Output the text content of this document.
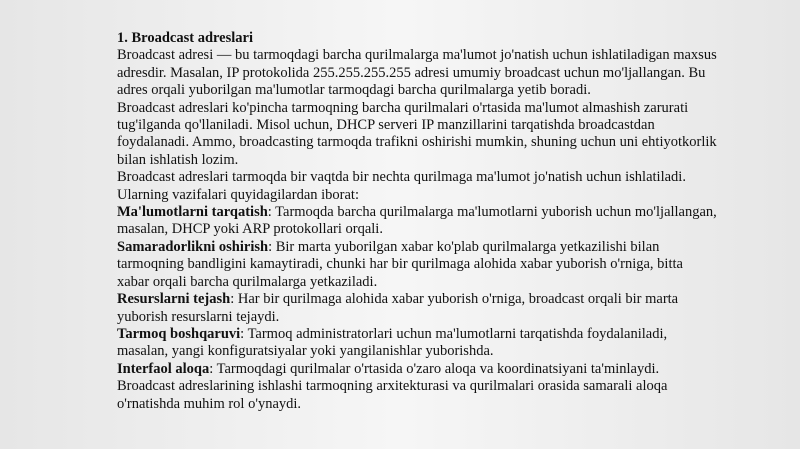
1. Broadcast adreslari

Broadcast adresi — bu tarmoqdagi barcha qurilmalarga ma'lumot jo'natish uchun ishlatiladigan maxsus adresdir. Masalan, IP protokolida 255.255.255.255 adresi umumiy broadcast uchun mo'ljallangan. Bu adres orqali yuborilgan ma'lumotlar tarmoqdagi barcha qurilmalarga yetib boradi.

Broadcast adreslari ko'pincha tarmoqning barcha qurilmalari o'rtasida ma'lumot almashish zarurati tug'ilganda qo'llaniladi. Misol uchun, DHCP serveri IP manzillarini tarqatishda broadcastdan foydalanadi. Ammo, broadcasting tarmoqda trafikni oshirishi mumkin, shuning uchun uni ehtiyotkorlik bilan ishlatish lozim.

Broadcast adreslari tarmoqda bir vaqtda bir nechta qurilmaga ma'lumot jo'natish uchun ishlatiladi. Ularning vazifalari quyidagilardan iborat:

Ma'lumotlarni tarqatish: Tarmoqda barcha qurilmalarga ma'lumotlarni yuborish uchun mo'ljallangan, masalan, DHCP yoki ARP protokollari orqali.

Samaradorlikni oshirish: Bir marta yuborilgan xabar ko'plab qurilmalarga yetkazilishi bilan tarmoqning bandligini kamaytiradi, chunki har bir qurilmaga alohida xabar yuborish o'rniga, bitta xabar orqali barcha qurilmalarga yetkaziladi.

Resurslarni tejash: Har bir qurilmaga alohida xabar yuborish o'rniga, broadcast orqali bir marta yuborish resurslarni tejaydi.

Tarmoq boshqaruvi: Tarmoq administratorlari uchun ma'lumotlarni tarqatishda foydalaniladi, masalan, yangi konfiguratsiyalar yoki yangilanishlar yuborishda.

Interfaol aloqa: Tarmoqdagi qurilmalar o'rtasida o'zaro aloqa va koordinatsiyani ta'minlaydi.

Broadcast adreslarining ishlashi tarmoqning arxitekturasi va qurilmalari orasida samarali aloqa o'rnatishda muhim rol o'ynaydi.
